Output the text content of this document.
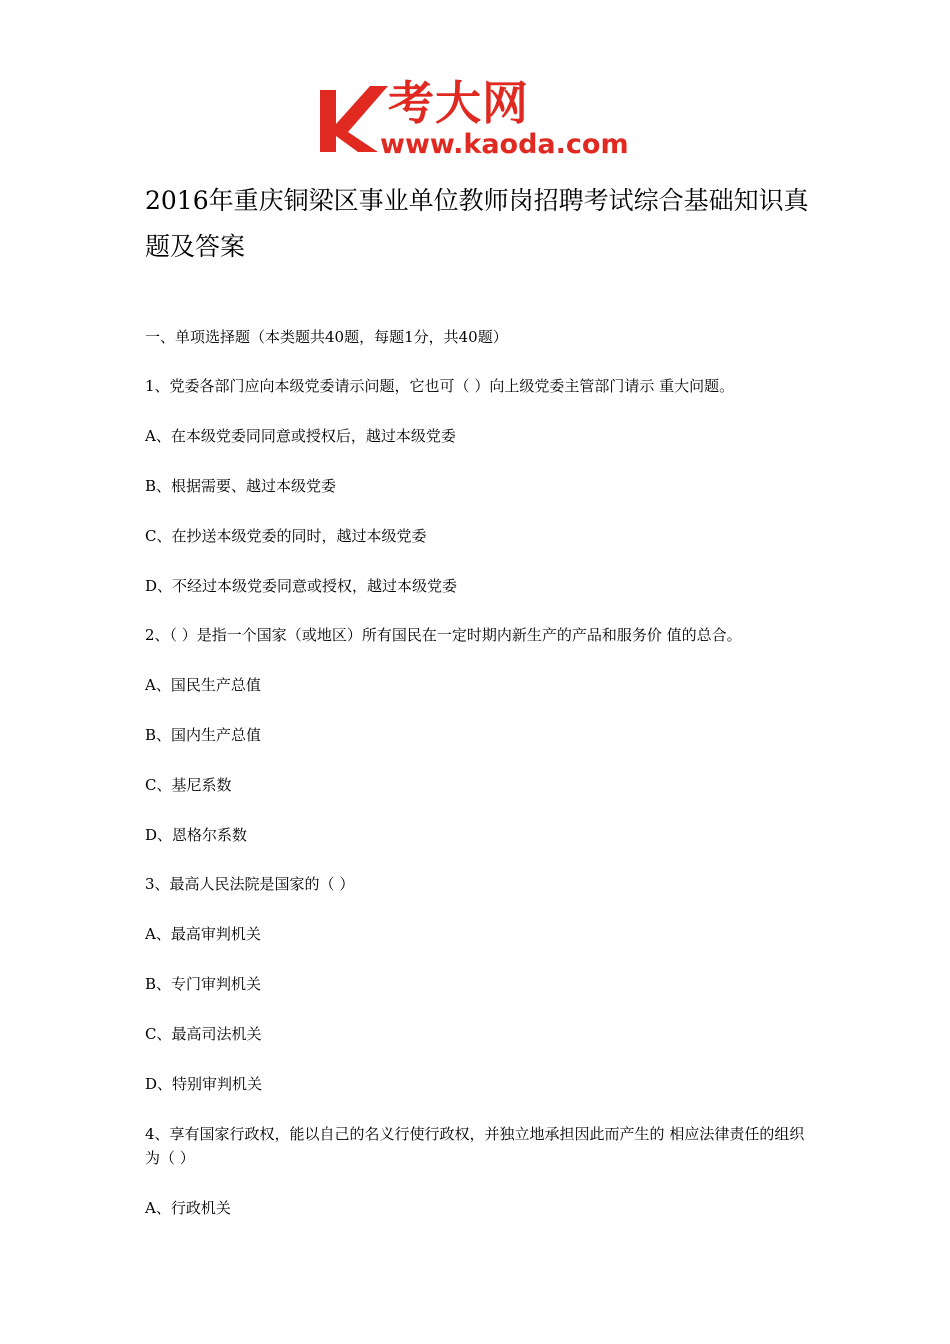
考大网
www.kaoda.com
2016年重庆铜梁区事业单位教师岗招聘考试综合基础知识真题及答案
一、单项选择题（本类题共40题，每题1分，共40题）
1、党委各部门应向本级党委请示问题，它也可（ ）向上级党委主管部门请示 重大问题。
A、在本级党委同同意或授权后，越过本级党委
B、根据需要、越过本级党委
C、在抄送本级党委的同时，越过本级党委
D、不经过本级党委同意或授权，越过本级党委
2、（ ）是指一个国家（或地区）所有国民在一定时期内新生产的产品和服务价 值的总合。
A、国民生产总值
B、国内生产总值
C、基尼系数
D、恩格尔系数
3、最高人民法院是国家的（ ）
A、最高审判机关
B、专门审判机关
C、最高司法机关
D、特别审判机关
4、享有国家行政权，能以自己的名义行使行政权，并独立地承担因此而产生的 相应法律责任的组织为（ ）
A、行政机关
